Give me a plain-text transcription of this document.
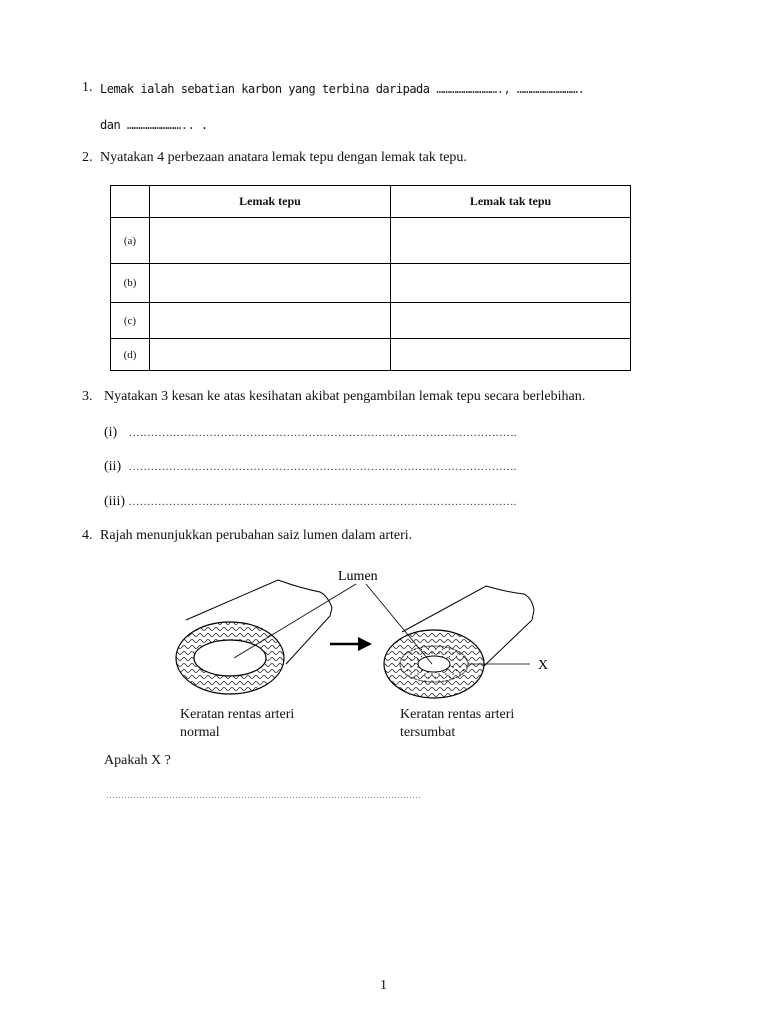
1. Lemak ialah sebatian karbon yang terbina daripada ………………………., ……………………….
dan …………………….. .
2. Nyatakan 4 perbezaan anatara lemak tepu dengan lemak tak tepu.
	Lemak tepu	Lemak tak tepu
(a)		
(b)		
(c)		
(d)		
3. Nyatakan 3 kesan ke atas kesihatan akibat pengambilan lemak tepu secara berlebihan.
(i) …………………………………………………………………………………………….
(ii) …………………………………………………………………………………………….
(iii) …………………………………………………………………………………………….
4. Rajah menunjukkan perubahan saiz lumen dalam arteri.
Lumen
X
Keratan rentas arteri
normal
Keratan rentas arteri
tersumbat
Apakah X ?
……………………………………………………………………………………………
1
